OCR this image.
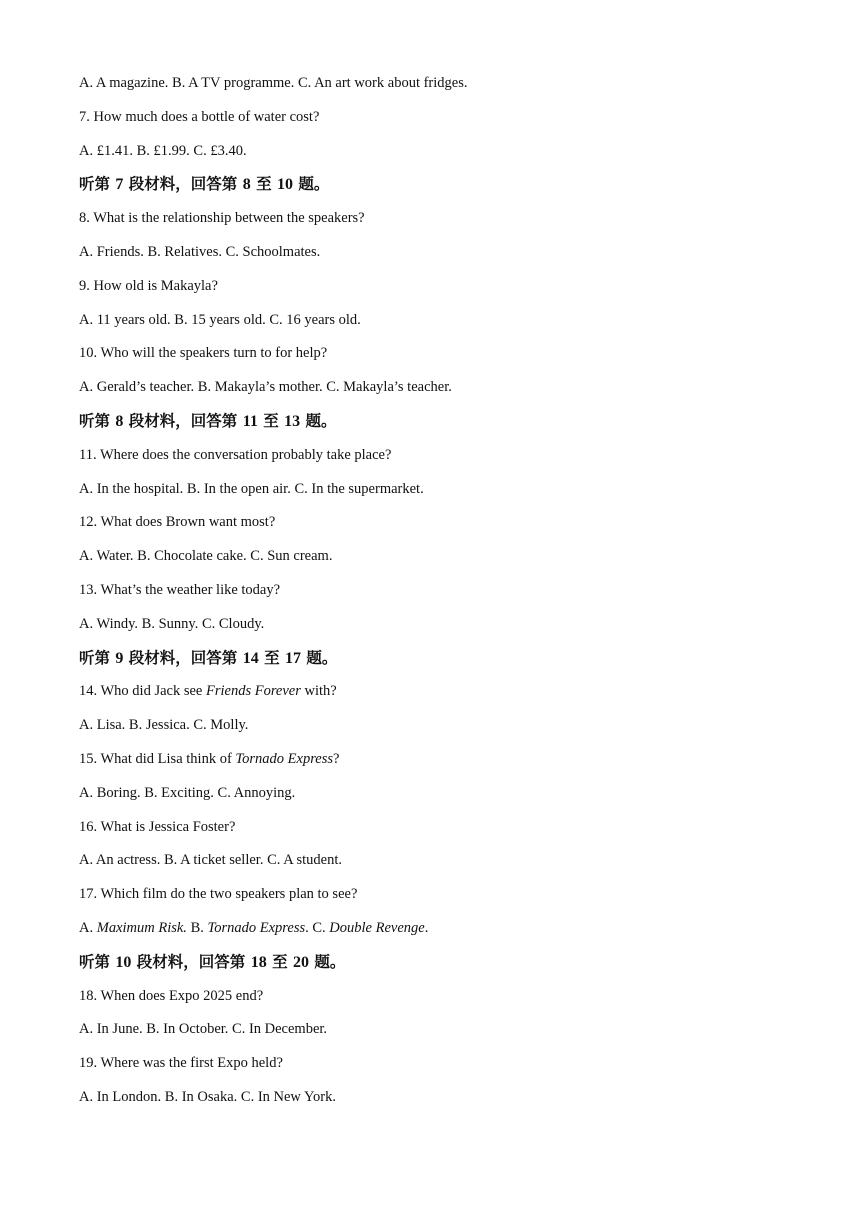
A. A magazine. B. A TV programme. C. An art work about fridges.
7. How much does a bottle of water cost?
A. £1.41. B. £1.99. C. £3.40.
听第 7 段材料，回答第 8 至 10 题。
8. What is the relationship between the speakers?
A. Friends. B. Relatives. C. Schoolmates.
9. How old is Makayla?
A. 11 years old. B. 15 years old. C. 16 years old.
10. Who will the speakers turn to for help?
A. Gerald’s teacher. B. Makayla’s mother. C. Makayla’s teacher.
听第 8 段材料，回答第 11 至 13 题。
11. Where does the conversation probably take place?
A. In the hospital. B. In the open air. C. In the supermarket.
12. What does Brown want most?
A. Water. B. Chocolate cake. C. Sun cream.
13. What’s the weather like today?
A. Windy. B. Sunny. C. Cloudy.
听第 9 段材料，回答第 14 至 17 题。
14. Who did Jack see Friends Forever with?
A. Lisa. B. Jessica. C. Molly.
15. What did Lisa think of Tornado Express?
A. Boring. B. Exciting. C. Annoying.
16. What is Jessica Foster?
A. An actress. B. A ticket seller. C. A student.
17. Which film do the two speakers plan to see?
A. Maximum Risk. B. Tornado Express. C. Double Revenge.
听第 10 段材料，回答第 18 至 20 题。
18. When does Expo 2025 end?
A. In June. B. In October. C. In December.
19. Where was the first Expo held?
A. In London. B. In Osaka. C. In New York.
